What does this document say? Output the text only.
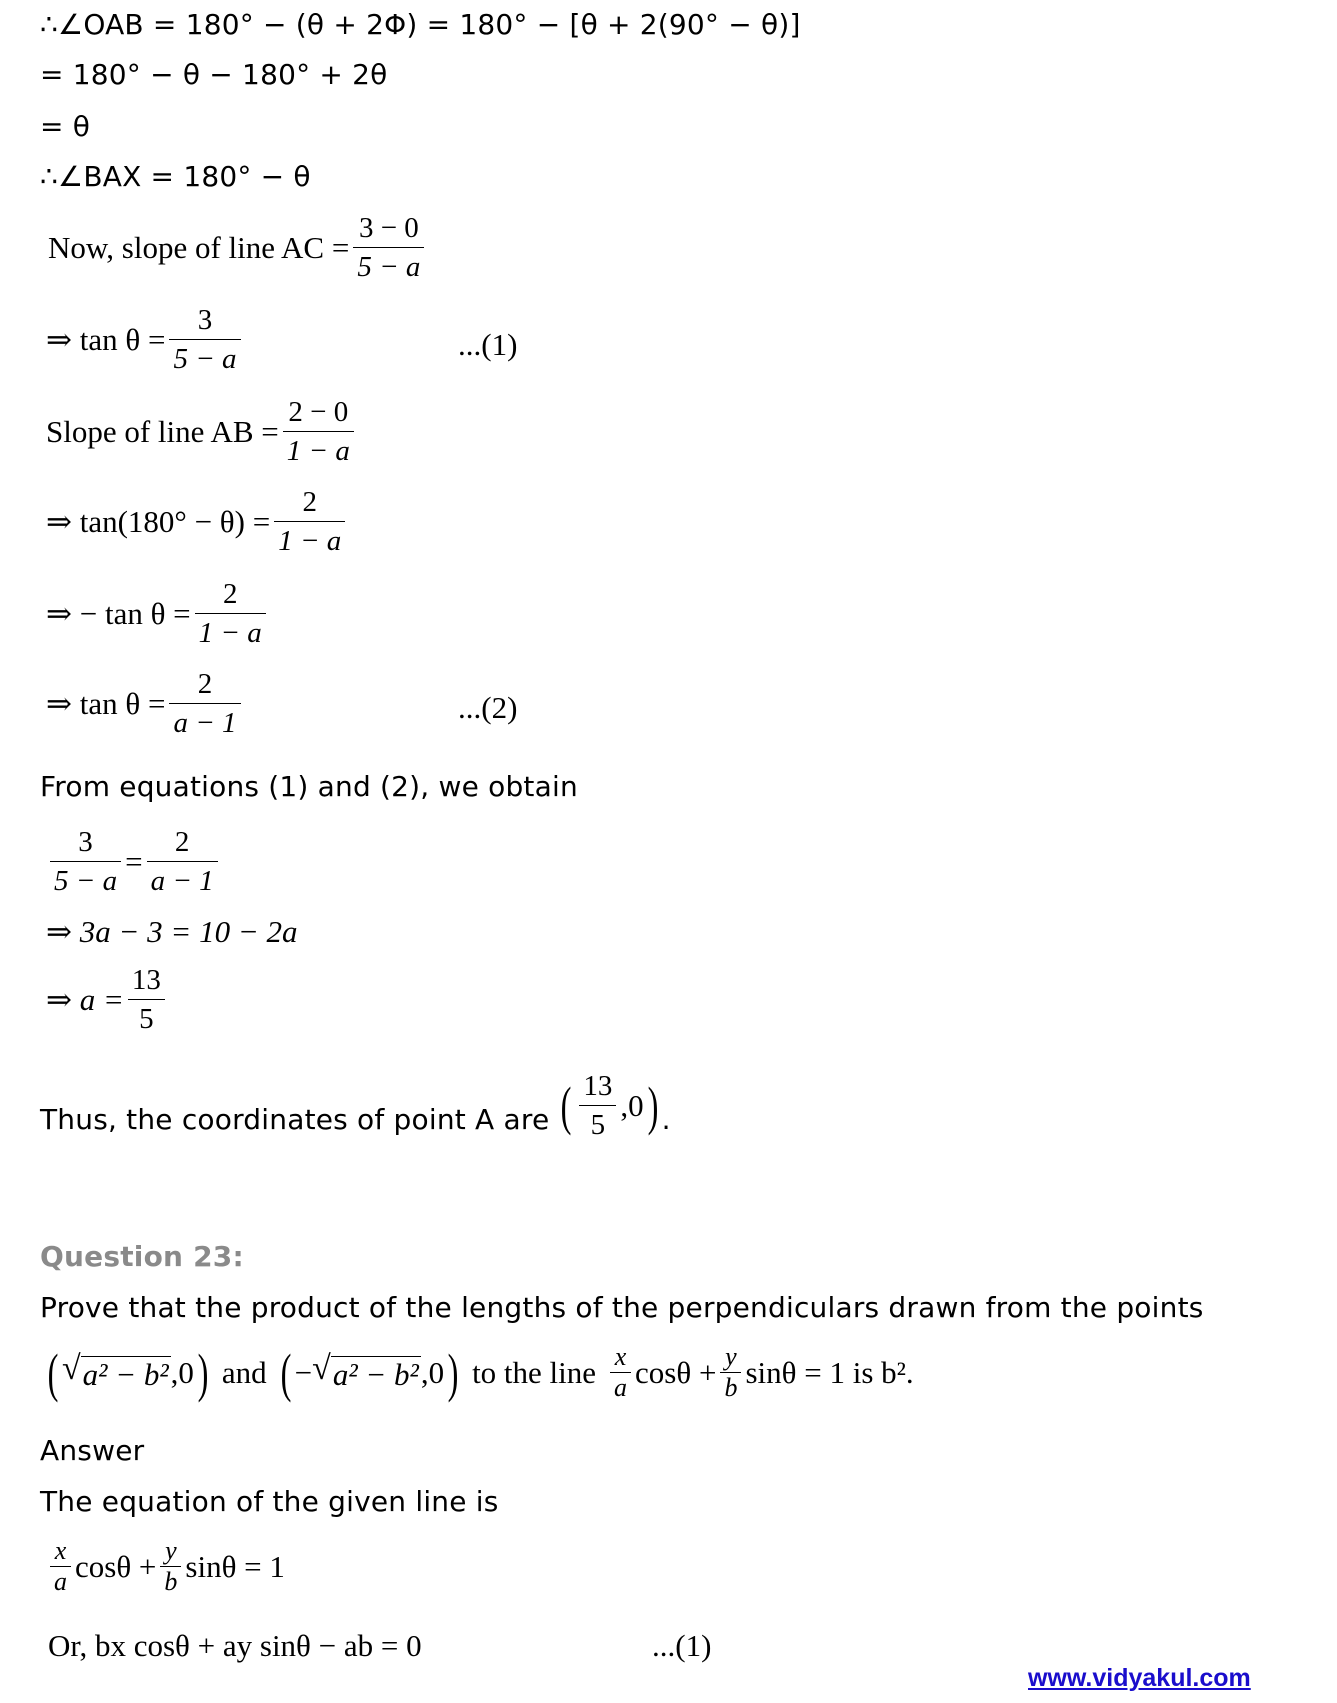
∴∠OAB = 180° − (θ + 2Φ) = 180° − [θ + 2(90° − θ)]
= 180° − θ − 180° + 2θ
= θ
∴∠BAX = 180° − θ
Now, slope of line AC = $\frac{3 - 0}{5 - a}$
⇒ $\tan \theta = \frac{3}{5 - a}$	...(1)
Slope of line AB = $\frac{2 - 0}{1 - a}$
⇒ $\tan(180^\circ - \theta) = \frac{2}{1 - a}$
⇒ − $\tan \theta = \frac{2}{1 - a}$
⇒ $\tan \theta = \frac{2}{a - 1}$	...(2)
From equations (1) and (2), we obtain
$\frac{3}{5 - a} = \frac{2}{a - 1}$
⇒ 3a − 3 = 10 − 2a
⇒ $a = \frac{13}{5}$
Thus, the coordinates of point A are ( $\frac{13}{5} ,0$ ) .
Question 23:
Prove that the product of the lengths of the perpendiculars drawn from the points
( √ a² − b² ,0 ) and ( − √ a² − b² ,0 ) to the line $\frac{x}{a}$ $\cos\theta + \frac{y}{b}$ sinθ = 1 is b².
Answer
The equation of the given line is
$\frac{x}{a}$ $\cos\theta + \frac{y}{b}$ sinθ = 1
Or, bx cosθ + ay sinθ − ab = 0	...(1)
www.vidyakul.com
